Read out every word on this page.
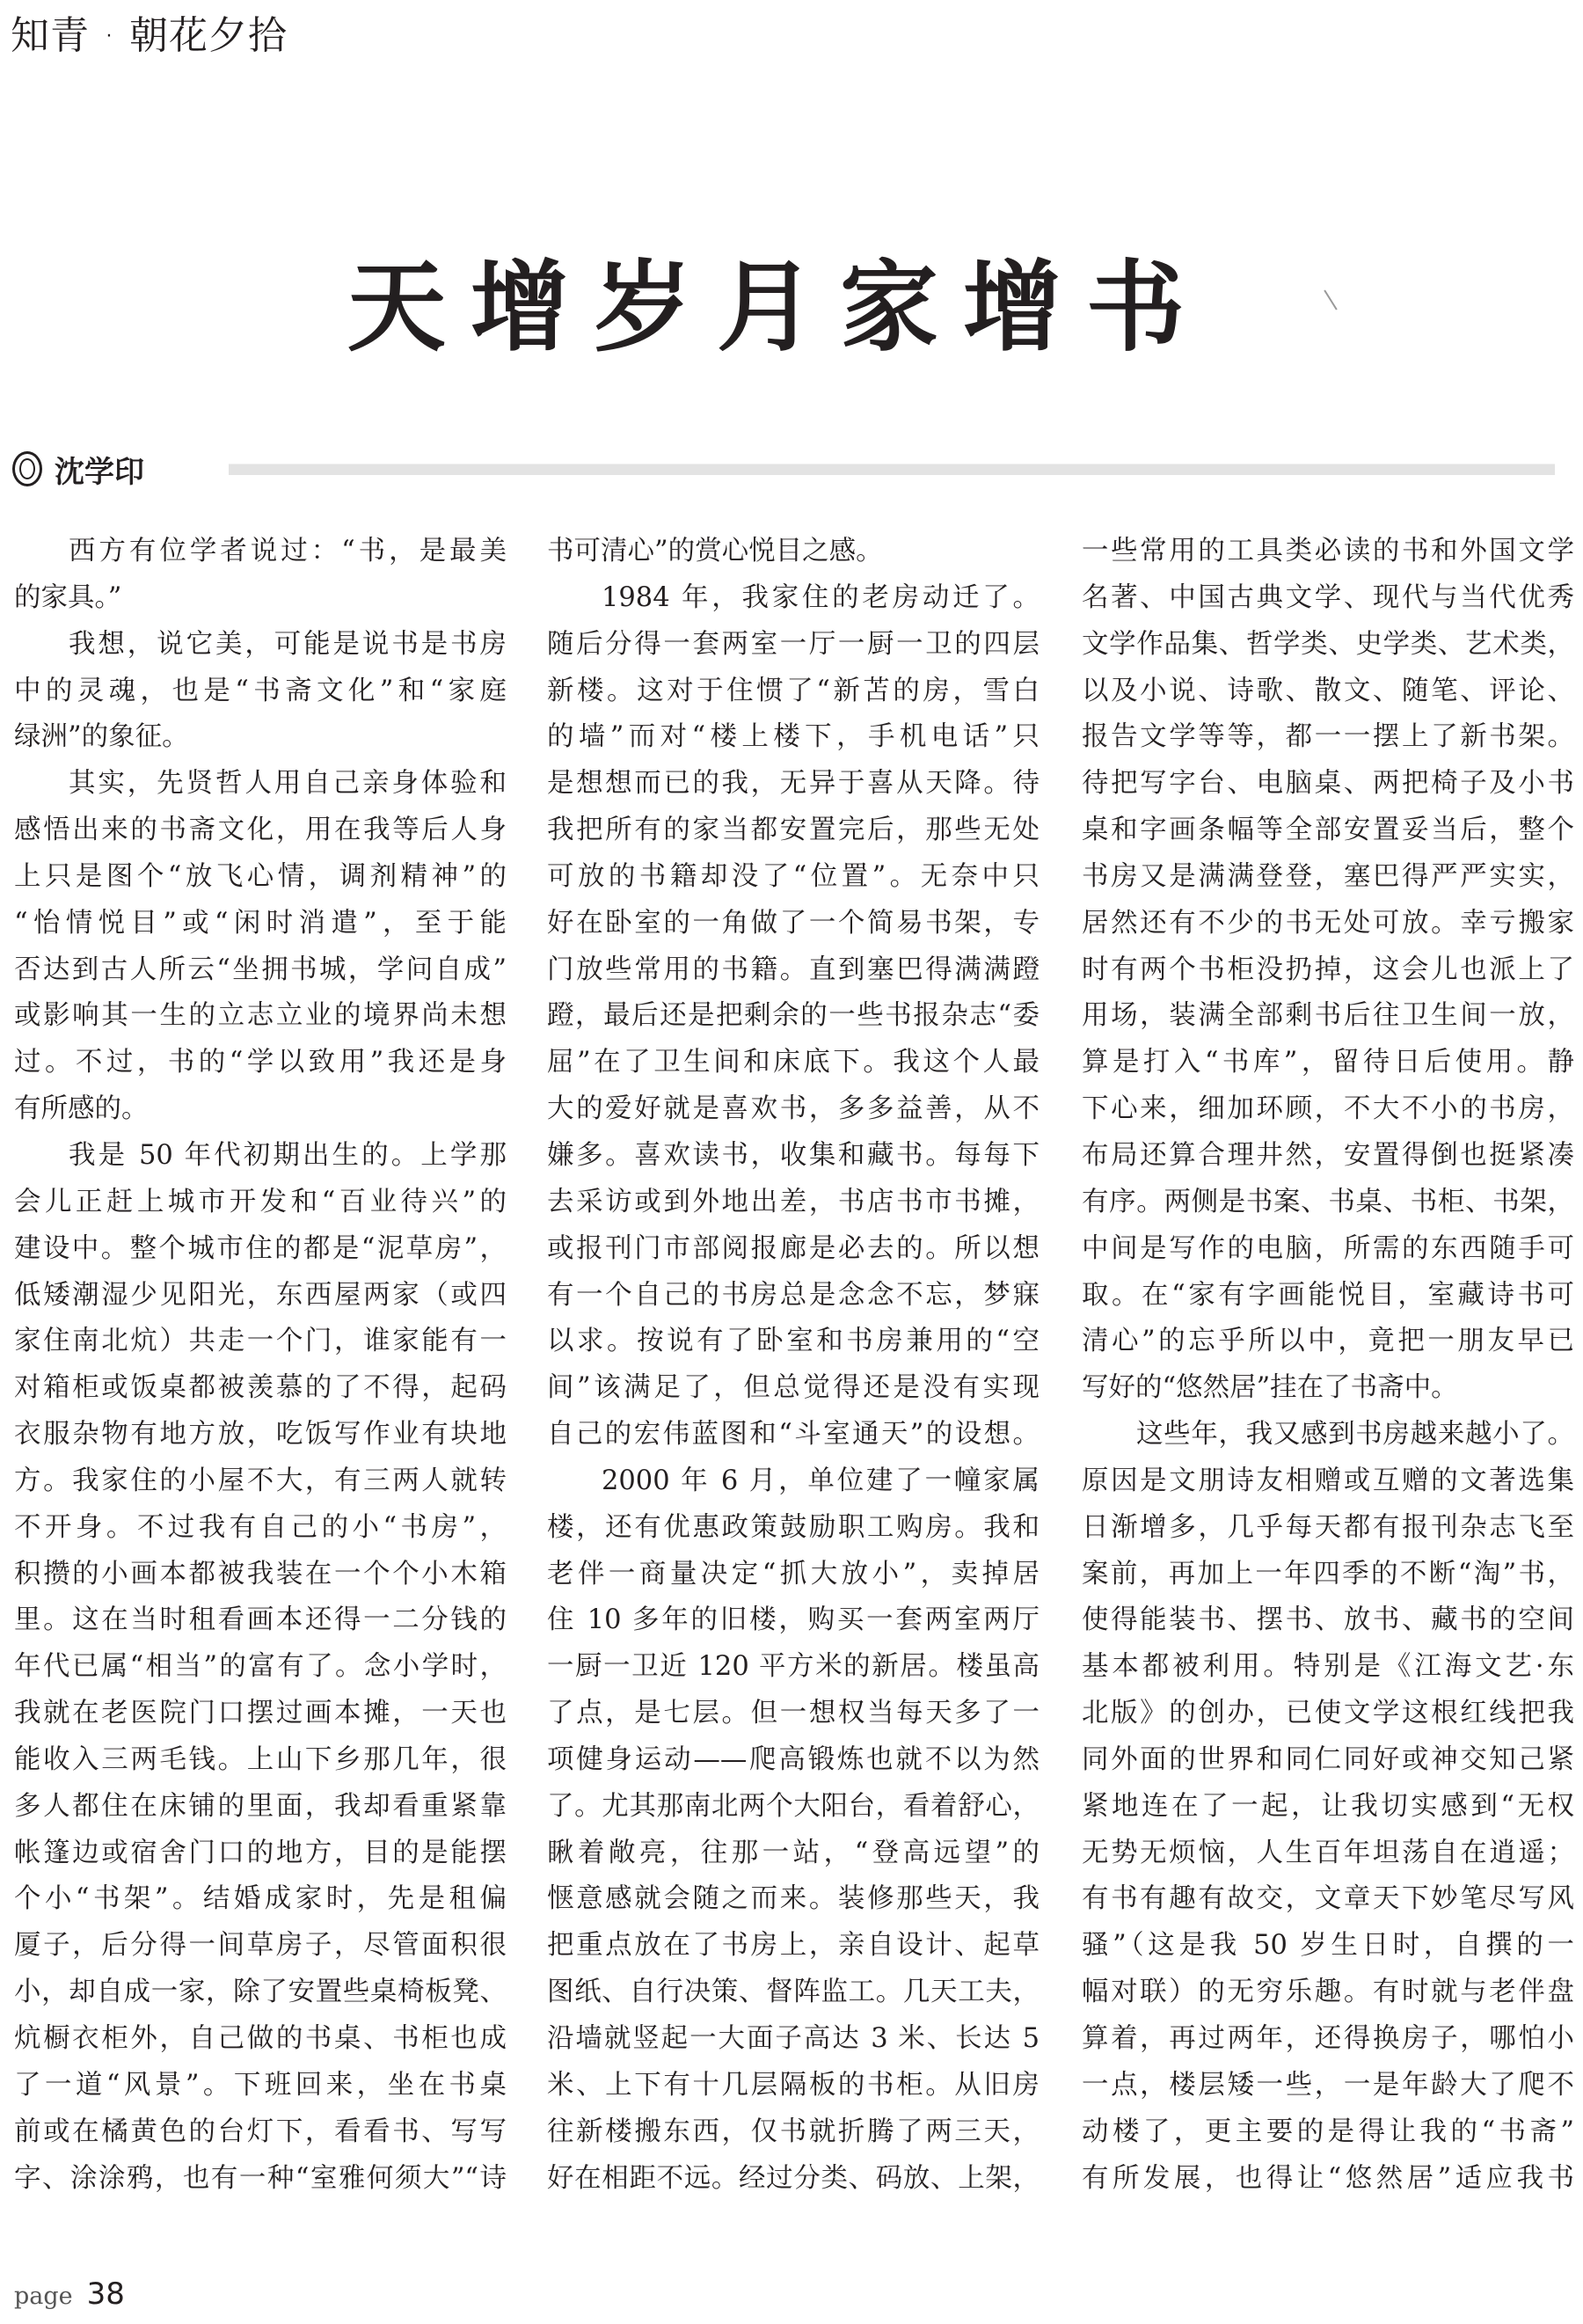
知青 · 朝花夕拾
天增岁月家增书
沈学印
西方有位学者说过：“书，是最美
的家具。”
我想，说它美，可能是说书是书房
中的灵魂，也是“书斋文化”和“家庭
绿洲”的象征。
其实，先贤哲人用自己亲身体验和
感悟出来的书斋文化，用在我等后人身
上只是图个“放飞心情，调剂精神”的
“怡情悦目”或“闲时消遣”，至于能
否达到古人所云“坐拥书城，学问自成”
或影响其一生的立志立业的境界尚未想
过。不过，书的“学以致用”我还是身
有所感的。
我是 50 年代初期出生的。上学那
会儿正赶上城市开发和“百业待兴”的
建设中。整个城市住的都是“泥草房”，
低矮潮湿少见阳光，东西屋两家（或四
家住南北炕）共走一个门，谁家能有一
对箱柜或饭桌都被羡慕的了不得，起码
衣服杂物有地方放，吃饭写作业有块地
方。我家住的小屋不大，有三两人就转
不开身。不过我有自己的小“书房”，
积攒的小画本都被我装在一个个小木箱
里。这在当时租看画本还得一二分钱的
年代已属“相当”的富有了。念小学时，
我就在老医院门口摆过画本摊，一天也
能收入三两毛钱。上山下乡那几年，很
多人都住在床铺的里面，我却看重紧靠
帐篷边或宿舍门口的地方，目的是能摆
个小“书架”。结婚成家时，先是租偏
厦子，后分得一间草房子，尽管面积很
小，却自成一家，除了安置些桌椅板凳、
炕橱衣柜外，自己做的书桌、书柜也成
了一道“风景”。下班回来，坐在书桌
前或在橘黄色的台灯下，看看书、写写
字、涂涂鸦，也有一种“室雅何须大”“诗
书可清心”的赏心悦目之感。
1984 年，我家住的老房动迁了。
随后分得一套两室一厅一厨一卫的四层
新楼。这对于住惯了“新苫的房，雪白
的墙”而对“楼上楼下，手机电话”只
是想想而已的我，无异于喜从天降。待
我把所有的家当都安置完后，那些无处
可放的书籍却没了“位置”。无奈中只
好在卧室的一角做了一个简易书架，专
门放些常用的书籍。直到塞巴得满满蹬
蹬，最后还是把剩余的一些书报杂志“委
屈”在了卫生间和床底下。我这个人最
大的爱好就是喜欢书，多多益善，从不
嫌多。喜欢读书，收集和藏书。每每下
去采访或到外地出差，书店书市书摊，
或报刊门市部阅报廊是必去的。所以想
有一个自己的书房总是念念不忘，梦寐
以求。按说有了卧室和书房兼用的“空
间”该满足了，但总觉得还是没有实现
自己的宏伟蓝图和“斗室通天”的设想。
2000 年 6 月，单位建了一幢家属
楼，还有优惠政策鼓励职工购房。我和
老伴一商量决定“抓大放小”，卖掉居
住 10 多年的旧楼，购买一套两室两厅
一厨一卫近 120 平方米的新居。楼虽高
了点，是七层。但一想权当每天多了一
项健身运动——爬高锻炼也就不以为然
了。尤其那南北两个大阳台，看着舒心，
瞅着敞亮，往那一站，“登高远望”的
惬意感就会随之而来。装修那些天，我
把重点放在了书房上，亲自设计、起草
图纸、自行决策、督阵监工。几天工夫，
沿墙就竖起一大面子高达 3 米、长达 5
米、上下有十几层隔板的书柜。从旧房
往新楼搬东西，仅书就折腾了两三天，
好在相距不远。经过分类、码放、上架，
一些常用的工具类必读的书和外国文学
名著、中国古典文学、现代与当代优秀
文学作品集、哲学类、史学类、艺术类，
以及小说、诗歌、散文、随笔、评论、
报告文学等等，都一一摆上了新书架。
待把写字台、电脑桌、两把椅子及小书
桌和字画条幅等全部安置妥当后，整个
书房又是满满登登，塞巴得严严实实，
居然还有不少的书无处可放。幸亏搬家
时有两个书柜没扔掉，这会儿也派上了
用场，装满全部剩书后往卫生间一放，
算是打入“书库”，留待日后使用。静
下心来，细加环顾，不大不小的书房，
布局还算合理井然，安置得倒也挺紧凑
有序。两侧是书案、书桌、书柜、书架，
中间是写作的电脑，所需的东西随手可
取。在“家有字画能悦目，室藏诗书可
清心”的忘乎所以中，竟把一朋友早已
写好的“悠然居”挂在了书斋中。
这些年，我又感到书房越来越小了。
原因是文朋诗友相赠或互赠的文著选集
日渐增多，几乎每天都有报刊杂志飞至
案前，再加上一年四季的不断“淘”书，
使得能装书、摆书、放书、藏书的空间
基本都被利用。特别是《江海文艺·东
北版》的创办，已使文学这根红线把我
同外面的世界和同仁同好或神交知己紧
紧地连在了一起，让我切实感到“无权
无势无烦恼，人生百年坦荡自在逍遥；
有书有趣有故交，文章天下妙笔尽写风
骚”（这是我 50 岁生日时，自撰的一
幅对联）的无穷乐趣。有时就与老伴盘
算着，再过两年，还得换房子，哪怕小
一点，楼层矮一些，一是年龄大了爬不
动楼了，更主要的是得让我的“书斋”
有所发展，也得让“悠然居”适应我书
page 38
